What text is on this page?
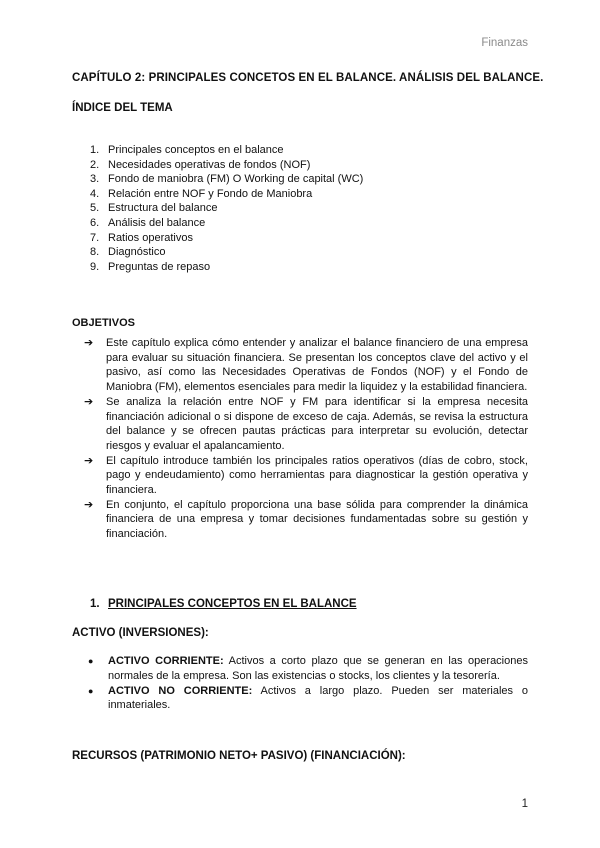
Finanzas
CAPÍTULO 2: PRINCIPALES CONCETOS EN EL BALANCE. ANÁLISIS DEL BALANCE.
ÍNDICE DEL TEMA
1. Principales conceptos en el balance
2. Necesidades operativas de fondos (NOF)
3. Fondo de maniobra (FM) O Working de capital (WC)
4. Relación entre NOF y Fondo de Maniobra
5. Estructura del balance
6. Análisis del balance
7. Ratios operativos
8. Diagnóstico
9. Preguntas de repaso
OBJETIVOS
➔ Este capítulo explica cómo entender y analizar el balance financiero de una empresa para evaluar su situación financiera. Se presentan los conceptos clave del activo y el pasivo, así como las Necesidades Operativas de Fondos (NOF) y el Fondo de Maniobra (FM), elementos esenciales para medir la liquidez y la estabilidad financiera.
➔ Se analiza la relación entre NOF y FM para identificar si la empresa necesita financiación adicional o si dispone de exceso de caja. Además, se revisa la estructura del balance y se ofrecen pautas prácticas para interpretar su evolución, detectar riesgos y evaluar el apalancamiento.
➔ El capítulo introduce también los principales ratios operativos (días de cobro, stock, pago y endeudamiento) como herramientas para diagnosticar la gestión operativa y financiera.
➔ En conjunto, el capítulo proporciona una base sólida para comprender la dinámica financiera de una empresa y tomar decisiones fundamentadas sobre su gestión y financiación.
1. PRINCIPALES CONCEPTOS EN EL BALANCE
ACTIVO (INVERSIONES):
● ACTIVO CORRIENTE: Activos a corto plazo que se generan en las operaciones normales de la empresa. Son las existencias o stocks, los clientes y la tesorería.
● ACTIVO NO CORRIENTE: Activos a largo plazo. Pueden ser materiales o inmateriales.
RECURSOS (PATRIMONIO NETO+ PASIVO) (FINANCIACIÓN):
1
